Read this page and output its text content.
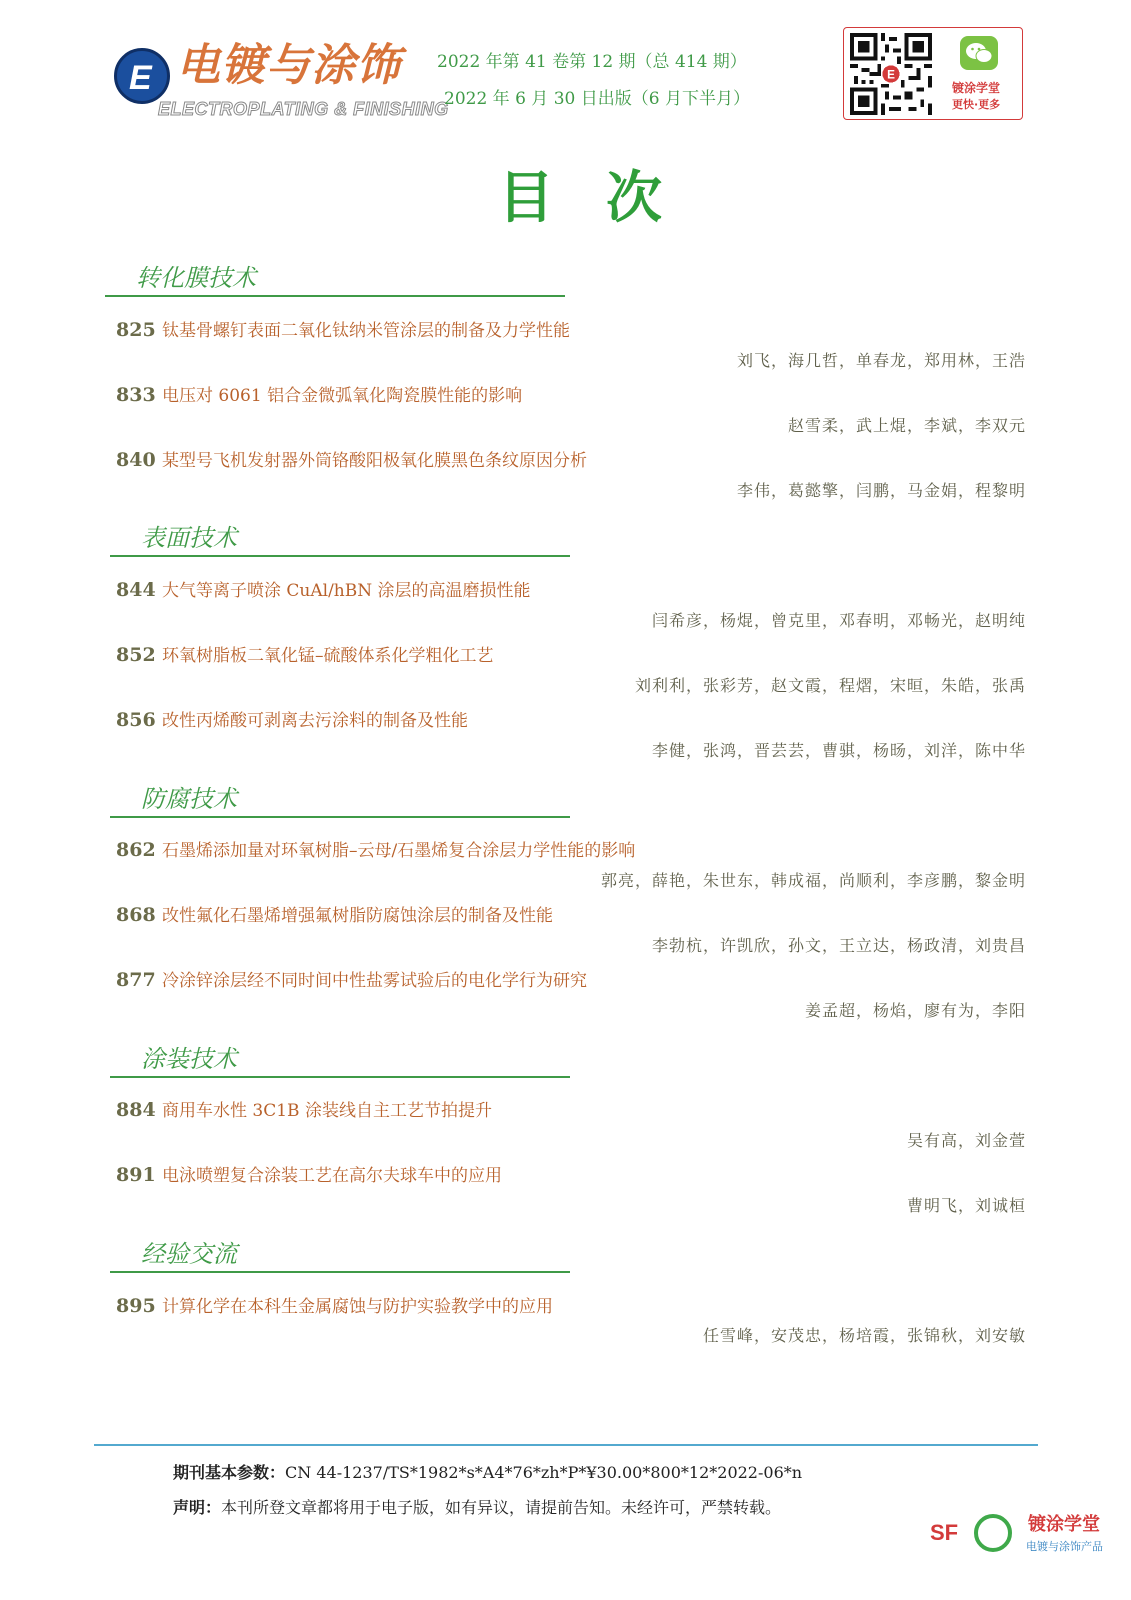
E 电镀与涂饰
ELECTROPLATING & FINISHING
2022 年第 41 卷第 12 期（总 414 期）
2022 年 6 月 30 日出版（6 月下半月）
E
镀涂学堂
更快·更多
目次
转化膜技术
825 钛基骨螺钉表面二氧化钛纳米管涂层的制备及力学性能
刘飞，海几哲，单春龙，郑用林，王浩
833 电压对 6061 铝合金微弧氧化陶瓷膜性能的影响
赵雪柔，武上焜，李斌，李双元
840 某型号飞机发射器外筒铬酸阳极氧化膜黑色条纹原因分析
李伟，葛懿擎，闫鹏，马金娟，程黎明
表面技术
844 大气等离子喷涂 CuAl/hBN 涂层的高温磨损性能
闫希彦，杨焜，曾克里，邓春明，邓畅光，赵明纯
852 环氧树脂板二氧化锰–硫酸体系化学粗化工艺
刘利利，张彩芳，赵文霞，程熠，宋晅，朱皓，张禹
856 改性丙烯酸可剥离去污涂料的制备及性能
李健，张鸿，晋芸芸，曹骐，杨旸，刘洋，陈中华
防腐技术
862 石墨烯添加量对环氧树脂–云母/石墨烯复合涂层力学性能的影响
郭亮，薛艳，朱世东，韩成福，尚顺利，李彦鹏，黎金明
868 改性氟化石墨烯增强氟树脂防腐蚀涂层的制备及性能
李勃杭，许凯欣，孙文，王立达，杨政清，刘贵昌
877 冷涂锌涂层经不同时间中性盐雾试验后的电化学行为研究
姜孟超，杨焰，廖有为，李阳
涂装技术
884 商用车水性 3C1B 涂装线自主工艺节拍提升
吴有高，刘金萱
891 电泳喷塑复合涂装工艺在高尔夫球车中的应用
曹明飞，刘诚桓
经验交流
895 计算化学在本科生金属腐蚀与防护实验教学中的应用
任雪峰，安茂忠，杨培霞，张锦秋，刘安敏
期刊基本参数：CN 44-1237/TS*1982*s*A4*76*zh*P*¥30.00*800*12*2022-06*n
声明：本刊所登文章都将用于电子版，如有异议，请提前告知。未经许可，严禁转载。
SF	镀涂学堂
电镀与涂饰产品
